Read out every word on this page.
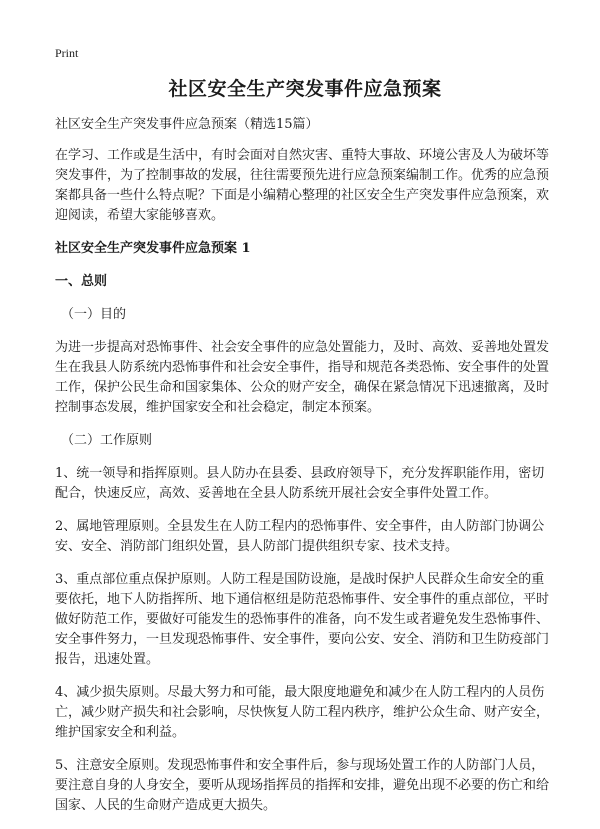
Print
社区安全生产突发事件应急预案
社区安全生产突发事件应急预案（精选15篇）
在学习、工作或是生活中，有时会面对自然灾害、重特大事故、环境公害及人为破坏等突发事件，为了控制事故的发展，往往需要预先进行应急预案编制工作。优秀的应急预案都具备一些什么特点呢？下面是小编精心整理的社区安全生产突发事件应急预案，欢迎阅读，希望大家能够喜欢。
社区安全生产突发事件应急预案 1
一、总则
（一）目的
为进一步提高对恐怖事件、社会安全事件的应急处置能力，及时、高效、妥善地处置发生在我县人防系统内恐怖事件和社会安全事件，指导和规范各类恐怖、安全事件的处置工作，保护公民生命和国家集体、公众的财产安全，确保在紧急情况下迅速撤离，及时控制事态发展，维护国家安全和社会稳定，制定本预案。
（二）工作原则
1、统一领导和指挥原则。县人防办在县委、县政府领导下，充分发挥职能作用，密切配合，快速反应，高效、妥善地在全县人防系统开展社会安全事件处置工作。
2、属地管理原则。全县发生在人防工程内的恐怖事件、安全事件，由人防部门协调公安、安全、消防部门组织处置，县人防部门提供组织专家、技术支持。
3、重点部位重点保护原则。人防工程是国防设施，是战时保护人民群众生命安全的重要依托，地下人防指挥所、地下通信枢纽是防范恐怖事件、安全事件的重点部位，平时做好防范工作，要做好可能发生的恐怖事件的准备，向不发生或者避免发生恐怖事件、安全事件努力，一旦发现恐怖事件、安全事件，要向公安、安全、消防和卫生防疫部门报告，迅速处置。
4、减少损失原则。尽最大努力和可能，最大限度地避免和减少在人防工程内的人员伤亡，减少财产损失和社会影响，尽快恢复人防工程内秩序，维护公众生命、财产安全，维护国家安全和利益。
5、注意安全原则。发现恐怖事件和安全事件后，参与现场处置工作的人防部门人员，要注意自身的人身安全，要听从现场指挥员的指挥和安排，避免出现不必要的伤亡和给国家、人民的生命财产造成更大损失。
